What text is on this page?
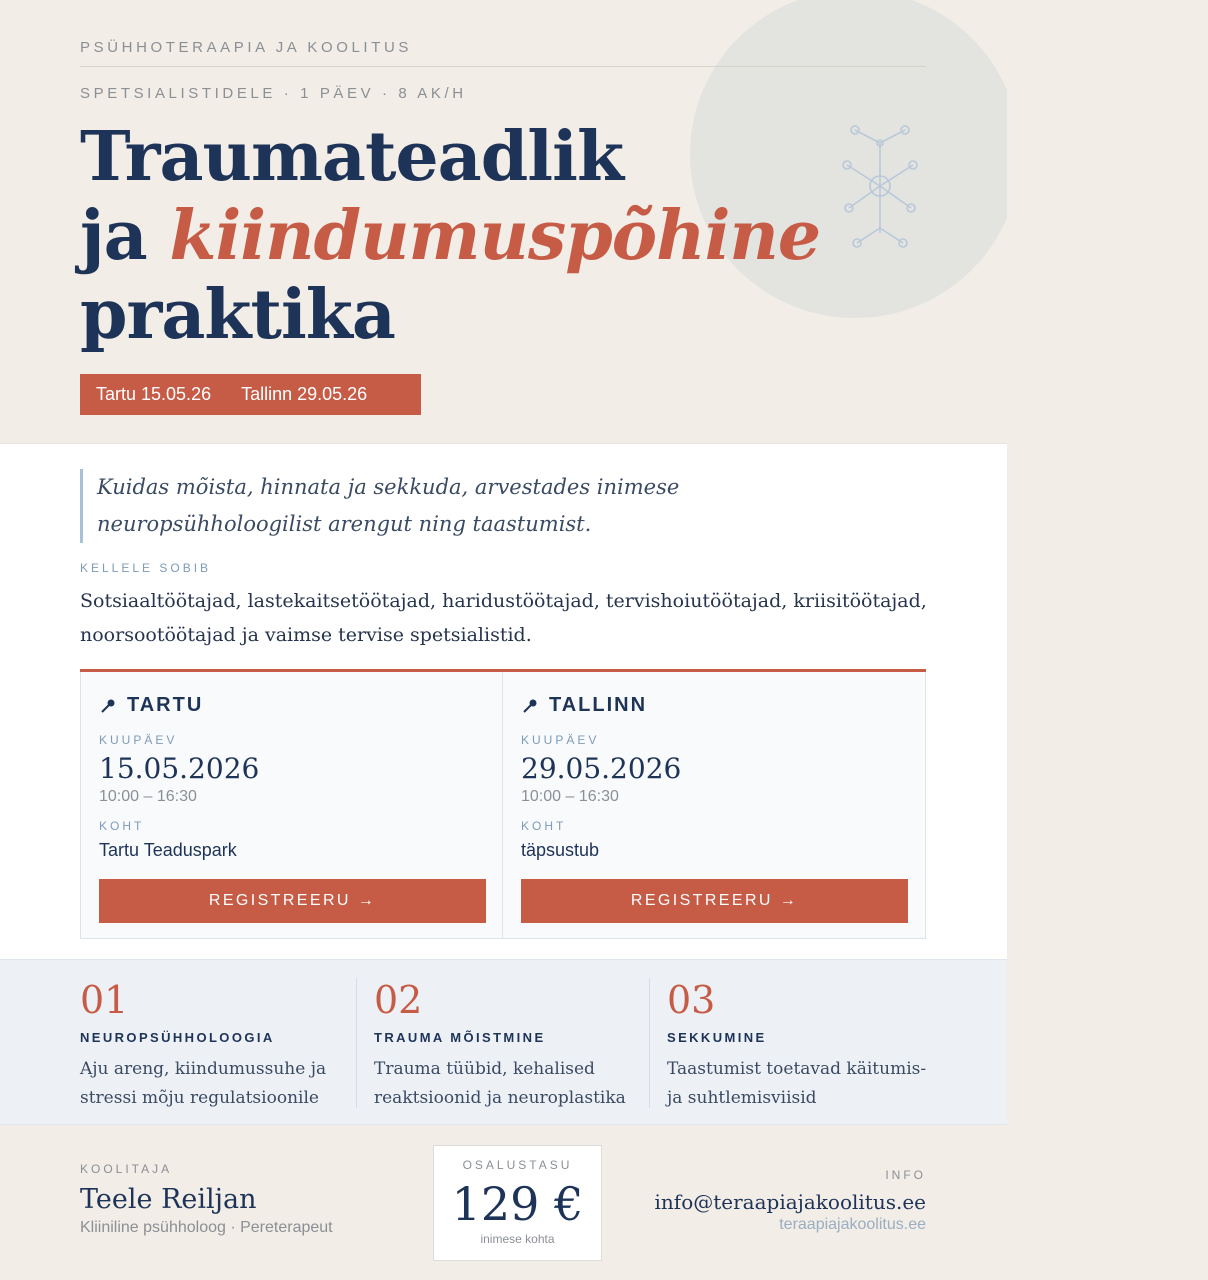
PSÜHHOTERAAPIA JA KOOLITUS
SPETSIALISTIDELE · 1 PÄEV · 8 AK/H
Traumateadlik
ja kiindumuspõhine
praktika
Tartu 15.05.26 Tallinn 29.05.26

Kuidas mõista, hinnata ja sekkuda, arvestades inimese neuropsühholoogilist arengut ning taastumist.

KELLELE SOBIB

Sotsiaaltöötajad, lastekaitsetöötajad, haridustöötajad, tervishoiutöötajad, kriisitöötajad, noorsootöötajad ja vaimse tervise spetsialistid.

TARTU
KUUPÄEV
15.05.2026
10:00 – 16:30
KOHT
Tartu Teaduspark
REGISTREERU →
TALLINN
KUUPÄEV
29.05.2026
10:00 – 16:30
KOHT
täpsustub
REGISTREERU →
01
NEUROPSÜHHOLOOGIA
Aju areng, kiindumussuhe ja stressi mõju regulatsioonile
02
TRAUMA MÕISTMINE
Trauma tüübid, kehalised reaktsioonid ja neuroplastika
03
SEKKUMINE
Taastumist toetavad käitumis- ja suhtlemisviisid
KOOLITAJA
Teele Reiljan
Kliiniline psühholoog · Pereterapeut
OSALUSTASU
129 €
inimese kohta
INFO
info@teraapiajakoolitus.ee
teraapiajakoolitus.ee
